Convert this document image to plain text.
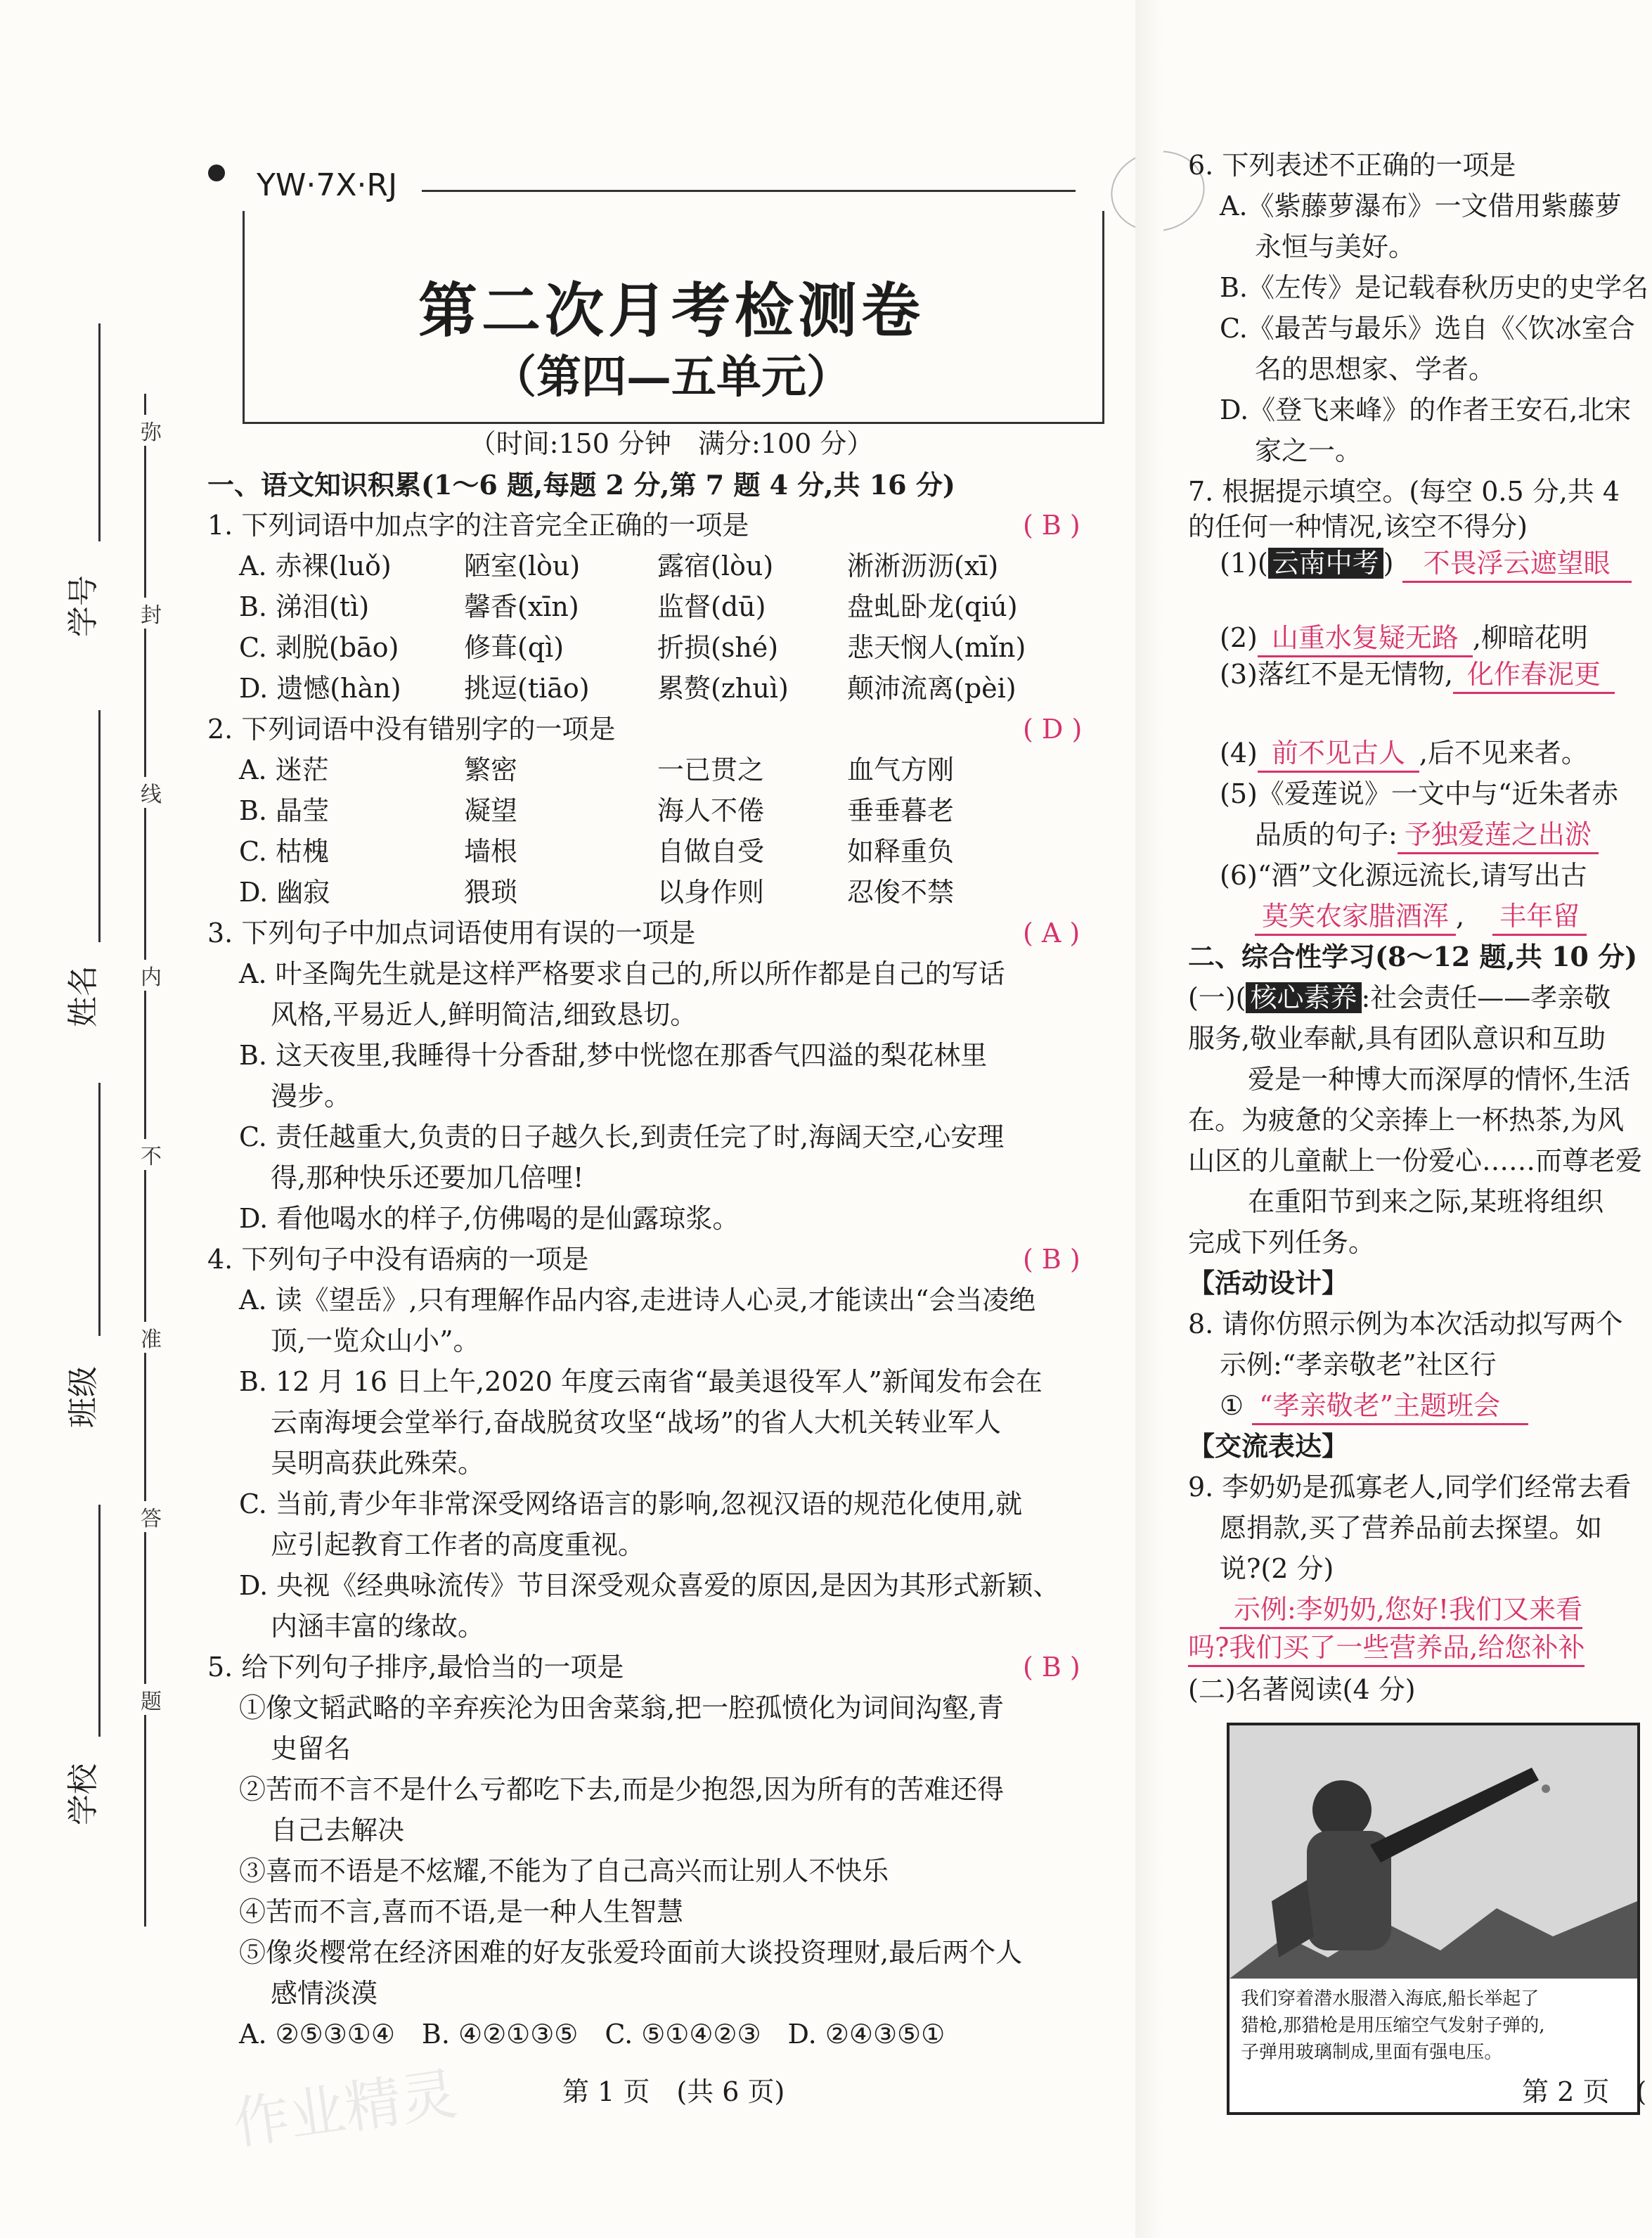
学号
姓名
班级
学校
弥
封
线
内
不
准
答
题
YW·7X·RJ
第二次月考检测卷
（第四—五单元）
（时间:150 分钟　满分:100 分）
一、语文知识积累(1～6 题,每题 2 分,第 7 题 4 分,共 16 分)
1. 下列词语中加点字的注音完全正确的一项是	( B )
A. 赤裸(luǒ)	陋室(lòu)	露宿(lòu)	淅淅沥沥(xī)
B. 涕泪(tì)	馨香(xīn)	监督(dū)	盘虬卧龙(qiú)
C. 剥脱(bāo) 修葺(qì)	折损(shé)	悲天悯人(mǐn)
D. 遗憾(hàn) 挑逗(tiāo)	累赘(zhuì) 颠沛流离(pèi)
2. 下列词语中没有错别字的一项是	( D )
A. 迷茫	繁密	一已贯之	血气方刚
B. 晶莹	凝望	海人不倦	垂垂暮老
C. 枯槐	墙根	自做自受	如释重负
D. 幽寂	猥琐	以身作则	忍俊不禁
3. 下列句子中加点词语使用有误的一项是	( A )
A. 叶圣陶先生就是这样严格要求自己的,所以所作都是自己的写话
风格,平易近人,鲜明简洁,细致恳切。
B. 这天夜里,我睡得十分香甜,梦中恍惚在那香气四溢的梨花林里
漫步。
C. 责任越重大,负责的日子越久长,到责任完了时,海阔天空,心安理
得,那种快乐还要加几倍哩!
D. 看他喝水的样子,仿佛喝的是仙露琼浆。
4. 下列句子中没有语病的一项是	( B )
A. 读《望岳》,只有理解作品内容,走进诗人心灵,才能读出“会当凌绝
顶,一览众山小”。
B. 12 月 16 日上午,2020 年度云南省“最美退役军人”新闻发布会在
云南海埂会堂举行,奋战脱贫攻坚“战场”的省人大机关转业军人
吴明高获此殊荣。
C. 当前,青少年非常深受网络语言的影响,忽视汉语的规范化使用,就
应引起教育工作者的高度重视。
D. 央视《经典咏流传》节目深受观众喜爱的原因,是因为其形式新颖、
内涵丰富的缘故。
5. 给下列句子排序,最恰当的一项是	( B )
①像文韬武略的辛弃疾沦为田舍菜翁,把一腔孤愤化为词间沟壑,青
史留名
②苦而不言不是什么亏都吃下去,而是少抱怨,因为所有的苦难还得
自己去解决
③喜而不语是不炫耀,不能为了自己高兴而让别人不快乐
④苦而不言,喜而不语,是一种人生智慧
⑤像炎樱常在经济困难的好友张爱玲面前大谈投资理财,最后两个人
感情淡漠
A. ②⑤③①④　B. ④②①③⑤　C. ⑤①④②③　D. ②④③⑤①
第 1 页　(共 6 页)
作业精灵
6. 下列表述不正确的一项是
A.《紫藤萝瀑布》一文借用紫藤萝
永恒与美好。
B.《左传》是记载春秋历史的史学名
C.《最苦与最乐》选自《〈饮冰室合
名的思想家、学者。
D.《登飞来峰》的作者王安石,北宋
家之一。
7. 根据提示填空。(每空 0.5 分,共 4
的任何一种情况,该空不得分)
(1)( 云南中考 ) 不畏浮云遮望眼
(2) 山重水复疑无路 ,柳暗花明
(3)落红不是无情物, 化作春泥更
(4) 前不见古人 ,后不见来者。
(5)《爱莲说》一文中与“近朱者赤
品质的句子: 予独爱莲之出淤
(6)“酒”文化源远流长,请写出古
莫笑农家腊酒浑 , 丰年留
二、综合性学习(8～12 题,共 10 分)
(一)( 核心素养 :社会责任——孝亲敬
服务,敬业奉献,具有团队意识和互助
爱是一种博大而深厚的情怀,生活
在。为疲惫的父亲捧上一杯热茶,为风
山区的儿童献上一份爱心……而尊老爱
在重阳节到来之际,某班将组织
完成下列任务。
【活动设计】
8. 请你仿照示例为本次活动拟写两个
示例:“孝亲敬老”社区行
① “孝亲敬老”主题班会
【交流表达】
9. 李奶奶是孤寡老人,同学们经常去看
愿捐款,买了营养品前去探望。如
说?(2 分)
示例:李奶奶,您好!我们又来看
吗?我们买了一些营养品,给您补补
(二)名著阅读(4 分)
我们穿着潜水服潜入海底,船长举起了
猎枪,那猎枪是用压缩空气发射子弹的,
子弹用玻璃制成,里面有强电压。
第 2 页　(
